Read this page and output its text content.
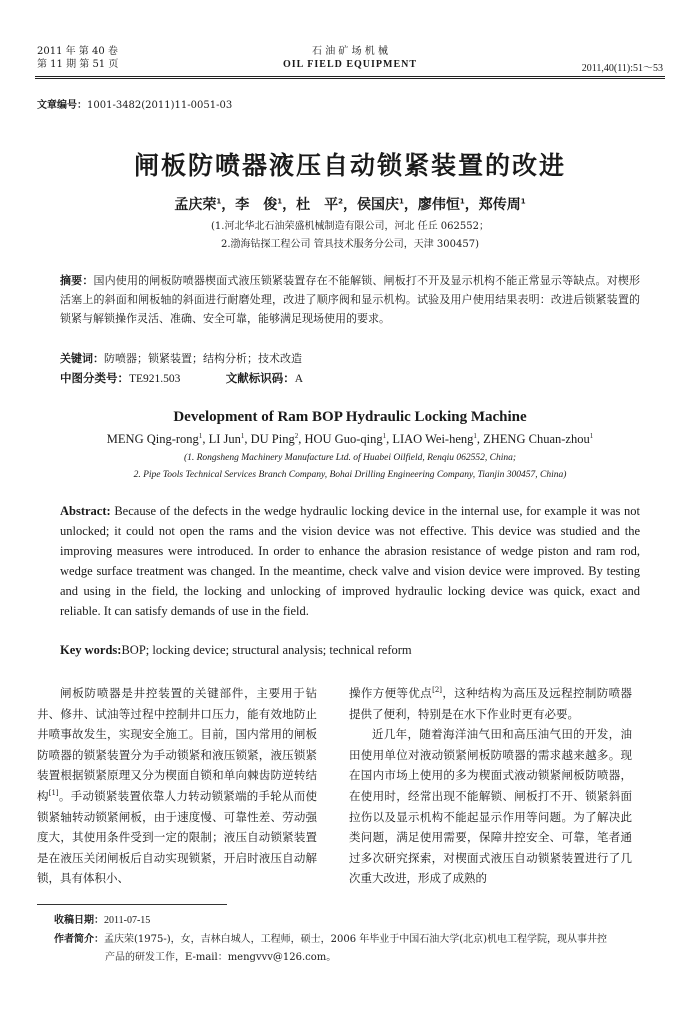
2011 年 第 40 卷
第 11 期 第 51 页
石 油 矿 场 机 械
OIL FIELD EQUIPMENT	2011,40(11):51～53
文章编号：1001-3482(2011)11-0051-03
闸板防喷器液压自动锁紧装置的改进
孟庆荣$^1$，李　俊$^1$，杜　平$^2$，侯国庆$^1$，廖伟恒$^1$，郑传周$^1$
(1.河北华北石油荣盛机械制造有限公司，河北 任丘 062552；
2.渤海钻探工程公司 管具技术服务分公司，天津 300457)
摘要：国内使用的闸板防喷器楔面式液压锁紧装置存在不能解锁、闸板打不开及显示机构不能正常显示等缺点。对楔形活塞上的斜面和闸板轴的斜面进行耐磨处理，改进了顺序阀和显示机构。试验及用户使用结果表明：改进后锁紧装置的锁紧与解锁操作灵活、准确、安全可靠，能够满足现场使用的要求。
关键词：防喷器；锁紧装置；结构分析；技术改造
中图分类号：TE921.503	文献标识码：A
Development of Ram BOP Hydraulic Locking Machine
MENG Qing-rong$^1$, LI Jun$^1$, DU Ping$^2$, HOU Guo-qing$^1$, LIAO Wei-heng$^1$, ZHENG Chuan-zhou$^1$
(1. Rongsheng Machinery Manufacture Ltd. of Huabei Oilfield, Renqiu 062552, China;
2. Pipe Tools Technical Services Branch Company, Bohai Drilling Engineering Company, Tianjin 300457, China)
Abstract: Because of the defects in the wedge hydraulic locking device in the internal use, for example it was not unlocked; it could not open the rams and the vision device was not effective. This device was studied and the improving measures were introduced. In order to enhance the abrasion resistance of wedge piston and ram rod, wedge surface treatment was changed. In the meantime, check valve and vision device were improved. By testing and using in the field, the locking and unlocking of improved hydraulic locking device was quick, exact and reliable. It can satisfy demands of use in the field.
Key words:BOP; locking device; structural analysis; technical reform

闸板防喷器是井控装置的关键部件，主要用于钻井、修井、试油等过程中控制井口压力，能有效地防止井喷事故发生，实现安全施工。目前，国内常用的闸板防喷器的锁紧装置分为手动锁紧和液压锁紧，液压锁紧装置根据锁紧原理又分为楔面自锁和单向棘齿防逆转结构[1]。手动锁紧装置依靠人力转动锁紧端的手轮从而使锁紧轴转动锁紧闸板，由于速度慢、可靠性差、劳动强度大，其使用条件受到一定的限制；液压自动锁紧装置是在液压关闭闸板后自动实现锁紧，开启时液压自动解锁，具有体积小、

操作方便等优点[2]，这种结构为高压及远程控制防喷器提供了便利，特别是在水下作业时更有必要。

近几年，随着海洋油气田和高压油气田的开发，油田使用单位对液动锁紧闸板防喷器的需求越来越多。现在国内市场上使用的多为楔面式液动锁紧闸板防喷器，在使用时，经常出现不能解锁、闸板打不开、锁紧斜面拉伤以及显示机构不能起显示作用等问题。为了解决此类问题，满足使用需要，保障井控安全、可靠，笔者通过多次研究探索，对楔面式液压自动锁紧装置进行了几次重大改进，形成了成熟的

收稿日期：2011-07-15
作者简介：孟庆荣(1975-)，女，吉林白城人，工程师，硕士，2006 年毕业于中国石油大学(北京)机电工程学院，现从事井控
产品的研发工作，E-mail：mengvvv@126.com。
